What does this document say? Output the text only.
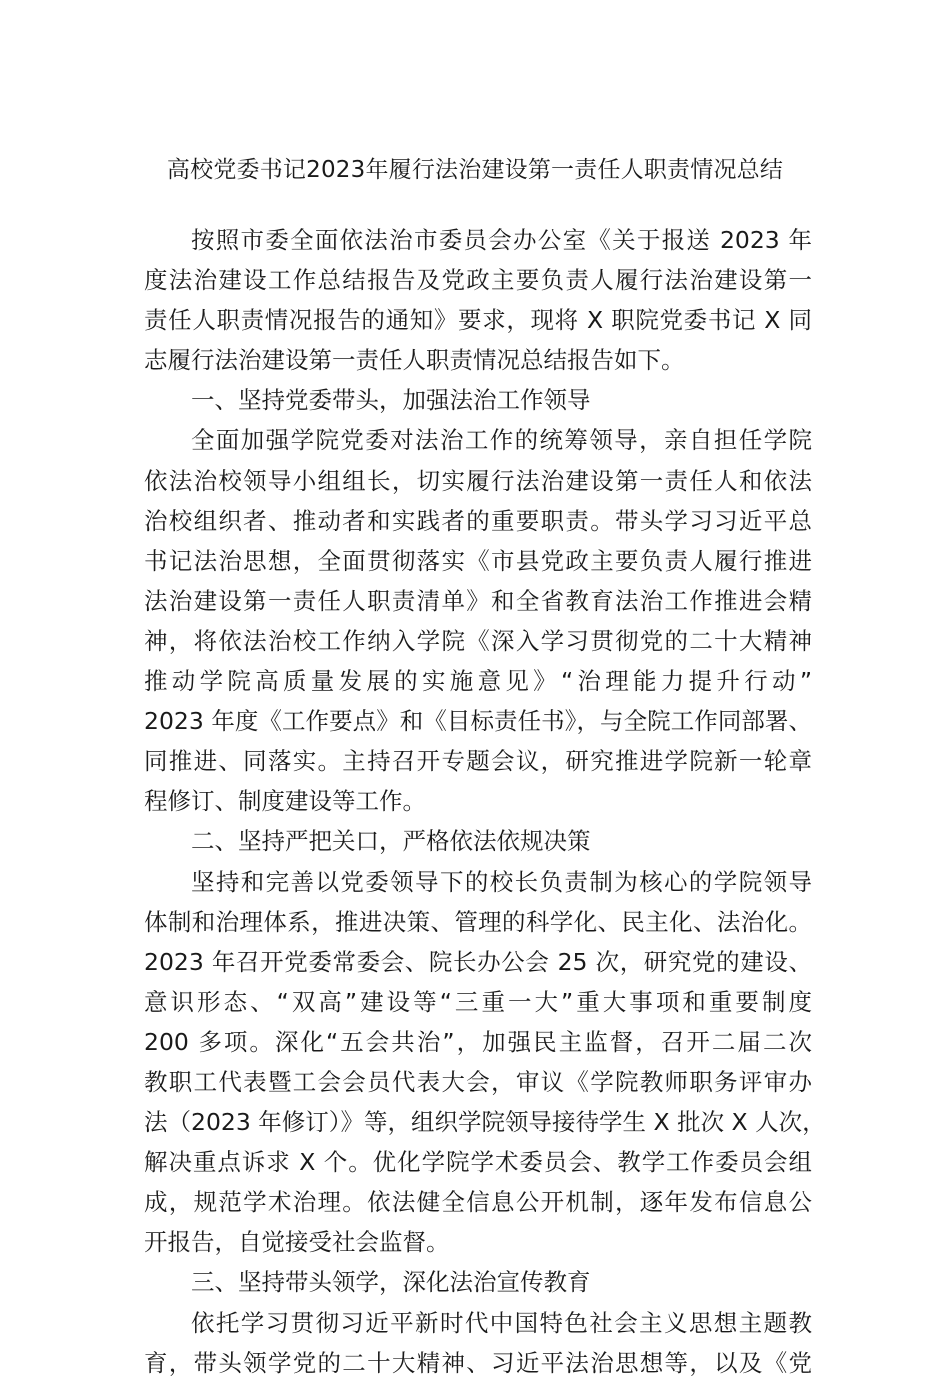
高校党委书记2023年履行法治建设第一责任人职责情况总结
按照市委全面依法治市委员会办公室《关于报送 2023 年
度法治建设工作总结报告及党政主要负责人履行法治建设第一
责任人职责情况报告的通知》要求，现将 X 职院党委书记 X 同
志履行法治建设第一责任人职责情况总结报告如下。
一、坚持党委带头，加强法治工作领导
全面加强学院党委对法治工作的统筹领导，亲自担任学院
依法治校领导小组组长，切实履行法治建设第一责任人和依法
治校组织者、推动者和实践者的重要职责。带头学习习近平总
书记法治思想，全面贯彻落实《市县党政主要负责人履行推进
法治建设第一责任人职责清单》和全省教育法治工作推进会精
神，将依法治校工作纳入学院《深入学习贯彻党的二十大精神
推动学院高质量发展的实施意见》“治理能力提升行动”
2023 年度《工作要点》和《目标责任书》，与全院工作同部署、
同推进、同落实。主持召开专题会议，研究推进学院新一轮章
程修订、制度建设等工作。
二、坚持严把关口，严格依法依规决策
坚持和完善以党委领导下的校长负责制为核心的学院领导
体制和治理体系，推进决策、管理的科学化、民主化、法治化。
2023 年召开党委常委会、院长办公会 25 次，研究党的建设、
意识形态、“双高”建设等“三重一大”重大事项和重要制度
200 多项。深化“五会共治”，加强民主监督，召开二届二次
教职工代表暨工会会员代表大会，审议《学院教师职务评审办
法（2023 年修订）》等，组织学院领导接待学生 X 批次 X 人次，
解决重点诉求 X 个。优化学院学术委员会、教学工作委员会组
成，规范学术治理。依法健全信息公开机制，逐年发布信息公
开报告，自觉接受社会监督。
三、坚持带头领学，深化法治宣传教育
依托学习贯彻习近平新时代中国特色社会主义思想主题教
育，带头领学党的二十大精神、习近平法治思想等，以及《党
